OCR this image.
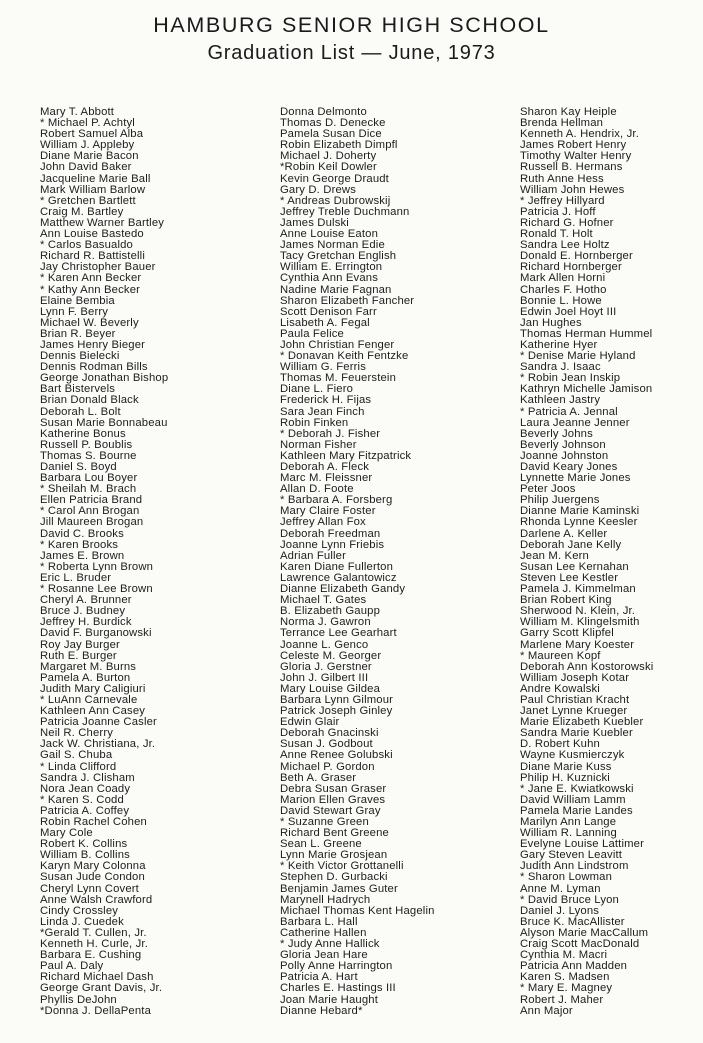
HAMBURG SENIOR HIGH SCHOOL
Graduation List — June, 1973
Mary T. Abbott
* Michael P. Achtyl
Robert Samuel Alba
William J. Appleby
Diane Marie Bacon
John David Baker
Jacqueline Marie Ball
Mark William Barlow
* Gretchen Bartlett
Craig M. Bartley
Matthew Warner Bartley
Ann Louise Bastedo
* Carlos Basualdo
Richard R. Battistelli
Jay Christopher Bauer
* Karen Ann Becker
* Kathy Ann Becker
Elaine Bembia
Lynn F. Berry
Michael W. Beverly
Brian R. Beyer
James Henry Bieger
Dennis Bielecki
Dennis Rodman Bills
George Jonathan Bishop
Bart Bistervels
Brian Donald Black
Deborah L. Bolt
Susan Marie Bonnabeau
Katherine Bonus
Russell P. Boublis
Thomas S. Bourne
Daniel S. Boyd
Barbara Lou Boyer
* Sheilah M. Brach
Ellen Patricia Brand
* Carol Ann Brogan
Jill Maureen Brogan
David C. Brooks
* Karen Brooks
James E. Brown
* Roberta Lynn Brown
Eric L. Bruder
* Rosanne Lee Brown
Cheryl A. Brunner
Bruce J. Budney
Jeffrey H. Burdick
David F. Burganowski
Roy Jay Burger
Ruth E. Burger
Margaret M. Burns
Pamela A. Burton
Judith Mary Caligiuri
* LuAnn Carnevale
Kathleen Ann Casey
Patricia Joanne Casler
Neil R. Cherry
Jack W. Christiana, Jr.
Gail S. Chuba
* Linda Clifford
Sandra J. Clisham
Nora Jean Coady
* Karen S. Codd
Patricia A. Coffey
Robin Rachel Cohen
Mary Cole
Robert K. Collins
William B. Collins
Karyn Mary Colonna
Susan Jude Condon
Cheryl Lynn Covert
Anne Walsh Crawford
Cindy Crossley
Linda J. Cuedek
*Gerald T. Cullen, Jr.
Kenneth H. Curle, Jr.
Barbara E. Cushing
Paul A. Daly
Richard Michael Dash
George Grant Davis, Jr.
Phyllis DeJohn
*Donna J. DellaPenta
Donna Delmonto
Thomas D. Denecke
Pamela Susan Dice
Robin Elizabeth Dimpfl
Michael J. Doherty
*Robin Keil Dowler
Kevin George Draudt
Gary D. Drews
* Andreas Dubrowskij
Jeffrey Treble Duchmann
James Dulski
Anne Louise Eaton
James Norman Edie
Tacy Gretchan English
William E. Errington
Cynthia Ann Evans
Nadine Marie Fagnan
Sharon Elizabeth Fancher
Scott Denison Farr
Lisabeth A. Fegal
Paula Felice
John Christian Fenger
* Donavan Keith Fentzke
William G. Ferris
Thomas M. Feuerstein
Diane L. Fiero
Frederick H. Fijas
Sara Jean Finch
Robin Finken
* Deborah J. Fisher
Norman Fisher
Kathleen Mary Fitzpatrick
Deborah A. Fleck
Marc M. Fleissner
Allan D. Foote
* Barbara A. Forsberg
Mary Claire Foster
Jeffrey Allan Fox
Deborah Freedman
Joanne Lynn Friebis
Adrian Fuller
Karen Diane Fullerton
Lawrence Galantowicz
Dianne Elizabeth Gandy
Michael T. Gates
B. Elizabeth Gaupp
Norma J. Gawron
Terrance Lee Gearhart
Joanne L. Genco
Celeste M. Georger
Gloria J. Gerstner
John J. Gilbert III
Mary Louise Gildea
Barbara Lynn Gilmour
Patrick Joseph Ginley
Edwin Glair
Deborah Gnacinski
Susan J. Godbout
Anne Renee Golubski
Michael P. Gordon
Beth A. Graser
Debra Susan Graser
Marion Ellen Graves
David Stewart Gray
* Suzanne Green
Richard Bent Greene
Sean L. Greene
Lynn Marie Grosjean
* Keith Victor Grottanelli
Stephen D. Gurbacki
Benjamin James Guter
Marynell Hadrych
Michael Thomas Kent Hagelin
Barbara L. Hall
Catherine Hallen
* Judy Anne Hallick
Gloria Jean Hare
Polly Anne Harrington
Patricia A. Hart
Charles E. Hastings III
Joan Marie Haught
Dianne Hebard*
Sharon Kay Heiple
Brenda Hellman
Kenneth A. Hendrix, Jr.
James Robert Henry
Timothy Walter Henry
Russell B. Hermans
Ruth Anne Hess
William John Hewes
* Jeffrey Hillyard
Patricia J. Hoff
Richard G. Hofner
Ronald T. Holt
Sandra Lee Holtz
Donald E. Hornberger
Richard Hornberger
Mark Allen Horni
Charles F. Hotho
Bonnie L. Howe
Edwin Joel Hoyt III
Jan Hughes
Thomas Herman Hummel
Katherine Hyer
* Denise Marie Hyland
Sandra J. Isaac
* Robin Jean Inskip
Kathryn Michelle Jamison
Kathleen Jastry
* Patricia A. Jennal
Laura Jeanne Jenner
Beverly Johns
Beverly Johnson
Joanne Johnston
David Keary Jones
Lynnette Marie Jones
Peter Joos
Philip Juergens
Dianne Marie Kaminski
Rhonda Lynne Keesler
Darlene A. Keller
Deborah Jane Kelly
Jean M. Kern
Susan Lee Kernahan
Steven Lee Kestler
Pamela J. Kimmelman
Brian Robert King
Sherwood N. Klein, Jr.
William M. Klingelsmith
Garry Scott Klipfel
Marlene Mary Koester
* Maureen Kopf
Deborah Ann Kostorowski
William Joseph Kotar
Andre Kowalski
Paul Christian Kracht
Janet Lynne Krueger
Marie Elizabeth Kuebler
Sandra Marie Kuebler
D. Robert Kuhn
Wayne Kusmierczyk
Diane Marie Kuss
Philip H. Kuznicki
* Jane E. Kwiatkowski
David William Lamm
Pamela Marie Landes
Marilyn Ann Lange
William R. Lanning
Evelyne Louise Lattimer
Gary Steven Leavitt
Judith Ann Lindstrom
* Sharon Lowman
Anne M. Lyman
* David Bruce Lyon
Daniel J. Lyons
Bruce K. MacAllister
Alyson Marie MacCallum
Craig Scott MacDonald
Cynthia M. Macri
Patricia Ann Madden
Karen S. Madsen
* Mary E. Magney
Robert J. Maher
Ann Major
